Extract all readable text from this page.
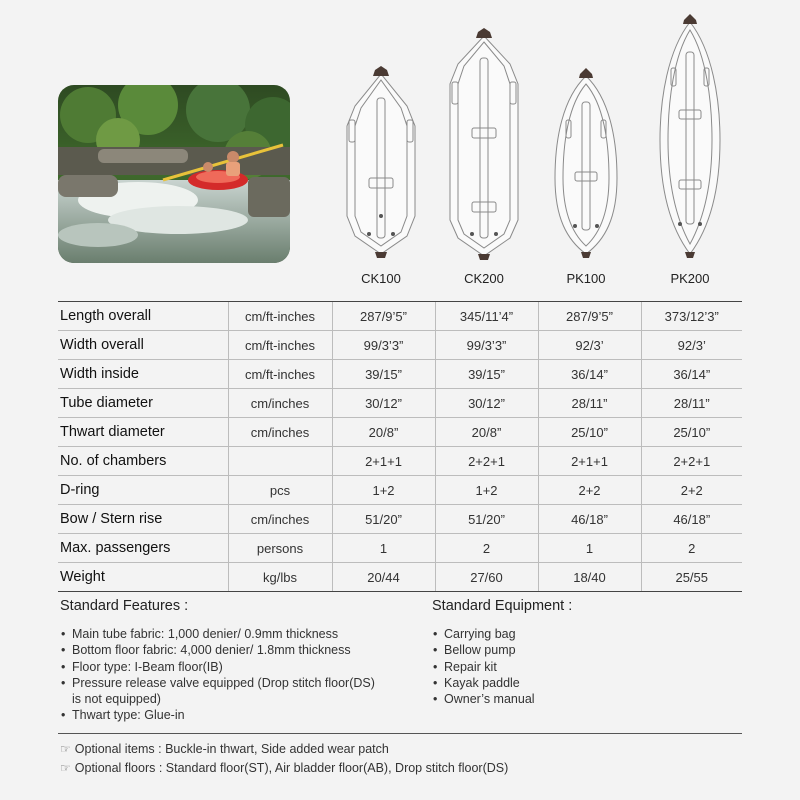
CK100	CK200	PK100	PK200
Length overall	cm/ft-inches	287/9’5”	345/11’4”	287/9’5”	373/12’3”
Width overall	cm/ft-inches	99/3’3”	99/3’3”	92/3’	92/3’
Width inside	cm/ft-inches	39/15”	39/15”	36/14”	36/14”
Tube diameter	cm/inches	30/12”	30/12”	28/11”	28/11”
Thwart diameter	cm/inches	20/8”	20/8”	25/10”	25/10”
No. of chambers		2+1+1	2+2+1	2+1+1	2+2+1
D-ring	pcs	1+2	1+2	2+2	2+2
Bow / Stern rise	cm/inches	51/20”	51/20”	46/18”	46/18”
Max. passengers	persons	1	2	1	2
Weight	kg/lbs	20/44	27/60	18/40	25/55
Standard Features :
• Main tube fabric: 1,000 denier/ 0.9mm thickness
• Bottom floor fabric: 4,000 denier/ 1.8mm thickness
• Floor type: I-Beam floor(IB)
• Pressure release valve equipped (Drop stitch floor(DS)
is not equipped)
• Thwart type: Glue-in
Standard Equipment :
• Carrying bag
• Bellow pump
• Repair kit
• Kayak paddle
• Owner’s manual
☞ Optional items : Buckle-in thwart, Side added wear patch
☞ Optional floors : Standard floor(ST), Air bladder floor(AB), Drop stitch floor(DS)
